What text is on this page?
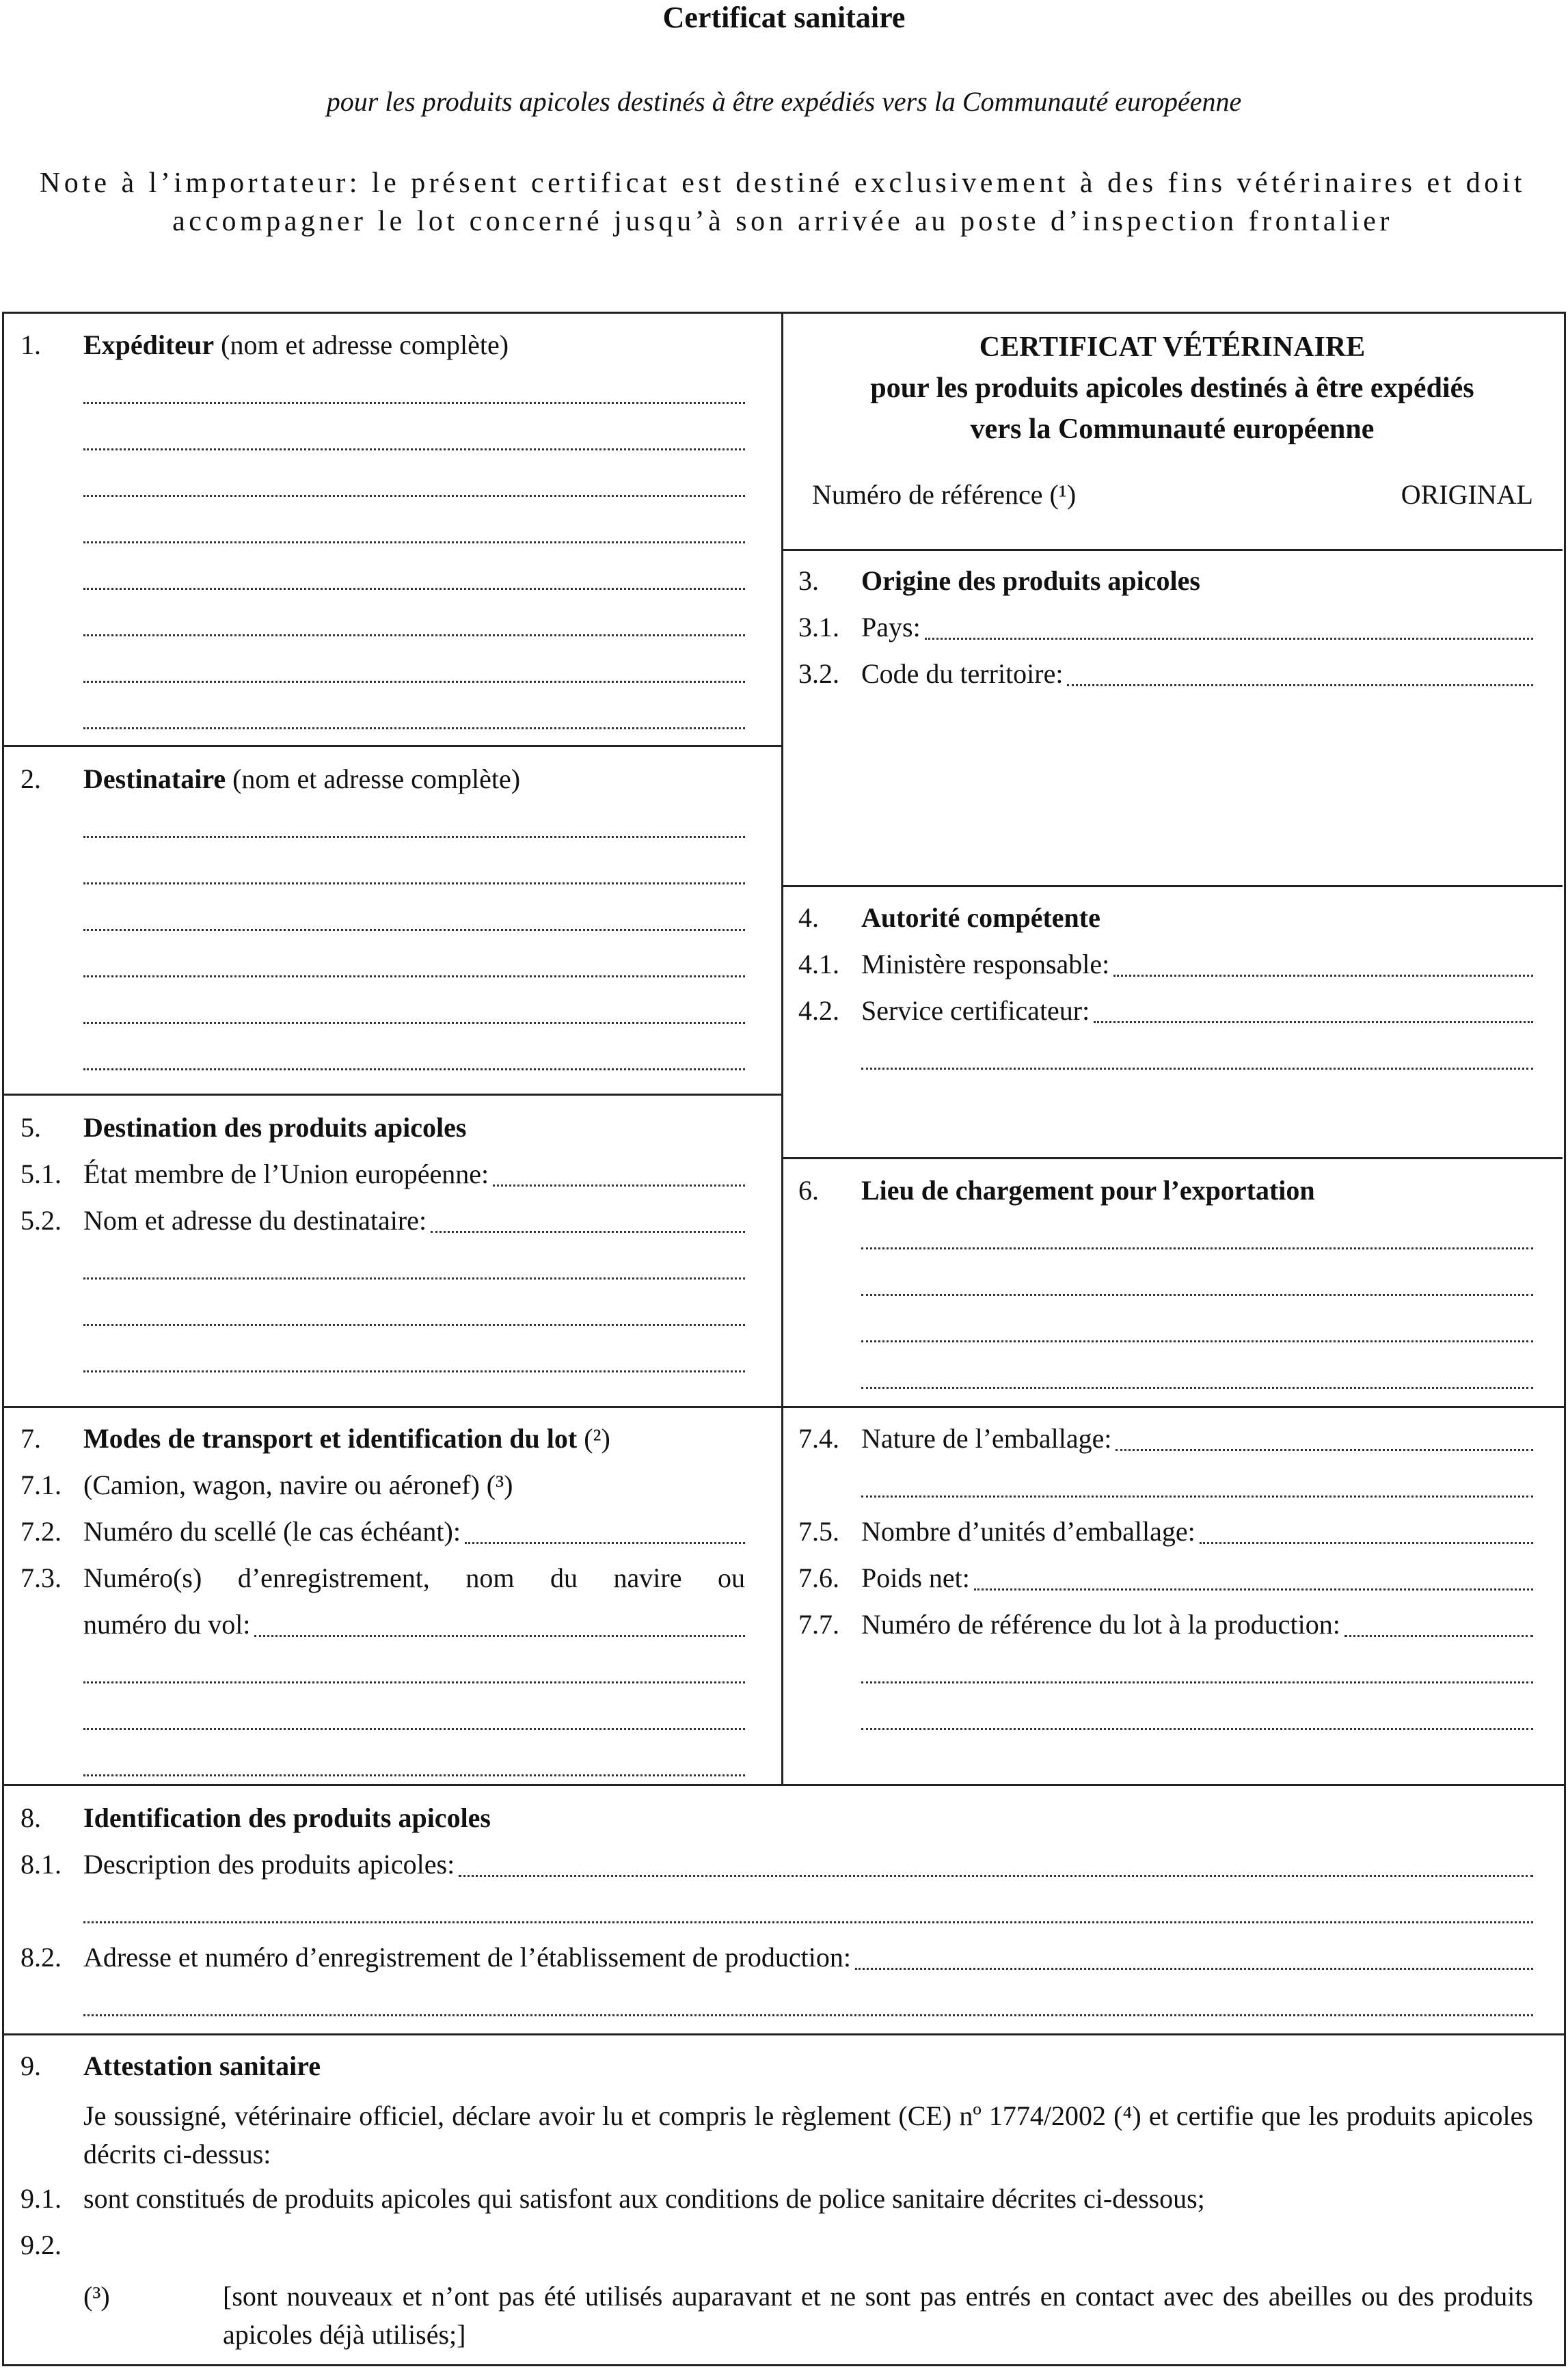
Certificat sanitaire
pour les produits apicoles destinés à être expédiés vers la Communauté européenne
Note à l’importateur: le présent certificat est destiné exclusivement à des fins vétérinaires et doit accompagner le lot concerné jusqu’à son arrivée au poste d’inspection frontalier
1. Expéditeur
(nom et adresse complète)
2. Destinataire
(nom et adresse complète)
CERTIFICAT VÉTÉRINAIRE
pour les produits apicoles destinés à être expédiés
vers la Communauté européenne
Numéro de référence (¹)	ORIGINAL
3. Origine des produits apicoles
3.1. Pays:
3.2. Code du territoire:
4. Autorité compétente
4.1. Ministère responsable:
4.2. Service certificateur:
5. Destination des produits apicoles
5.1. État membre de l’Union européenne:
5.2. Nom et adresse du destinataire:
6. Lieu de chargement pour l’exportation
7. Modes de transport et identification du lot
(²)
7.1. (Camion, wagon, navire ou aéronef) (³)
7.2. Numéro du scellé (le cas échéant):
7.3. Numéro(s) d’enregistrement, nom du navire ou
numéro du vol:
7.4. Nature de l’emballage:
7.5. Nombre d’unités d’emballage:
7.6. Poids net:
7.7. Numéro de référence du lot à la production:
8. Identification des produits apicoles
8.1. Description des produits apicoles:
8.2. Adresse et numéro d’enregistrement de l’établissement de production:
9. Attestation sanitaire
Je soussigné, vétérinaire officiel, déclare avoir lu et compris le règlement (CE) nº 1774/2002 (⁴) et certifie que les produits apicoles décrits ci-dessus:
9.1. sont constitués de produits apicoles qui satisfont aux conditions de police sanitaire décrites ci-dessous;
9.2.
(³)	[sont nouveaux et n’ont pas été utilisés auparavant et ne sont pas entrés en contact avec des abeilles ou des produits apicoles déjà utilisés;]
